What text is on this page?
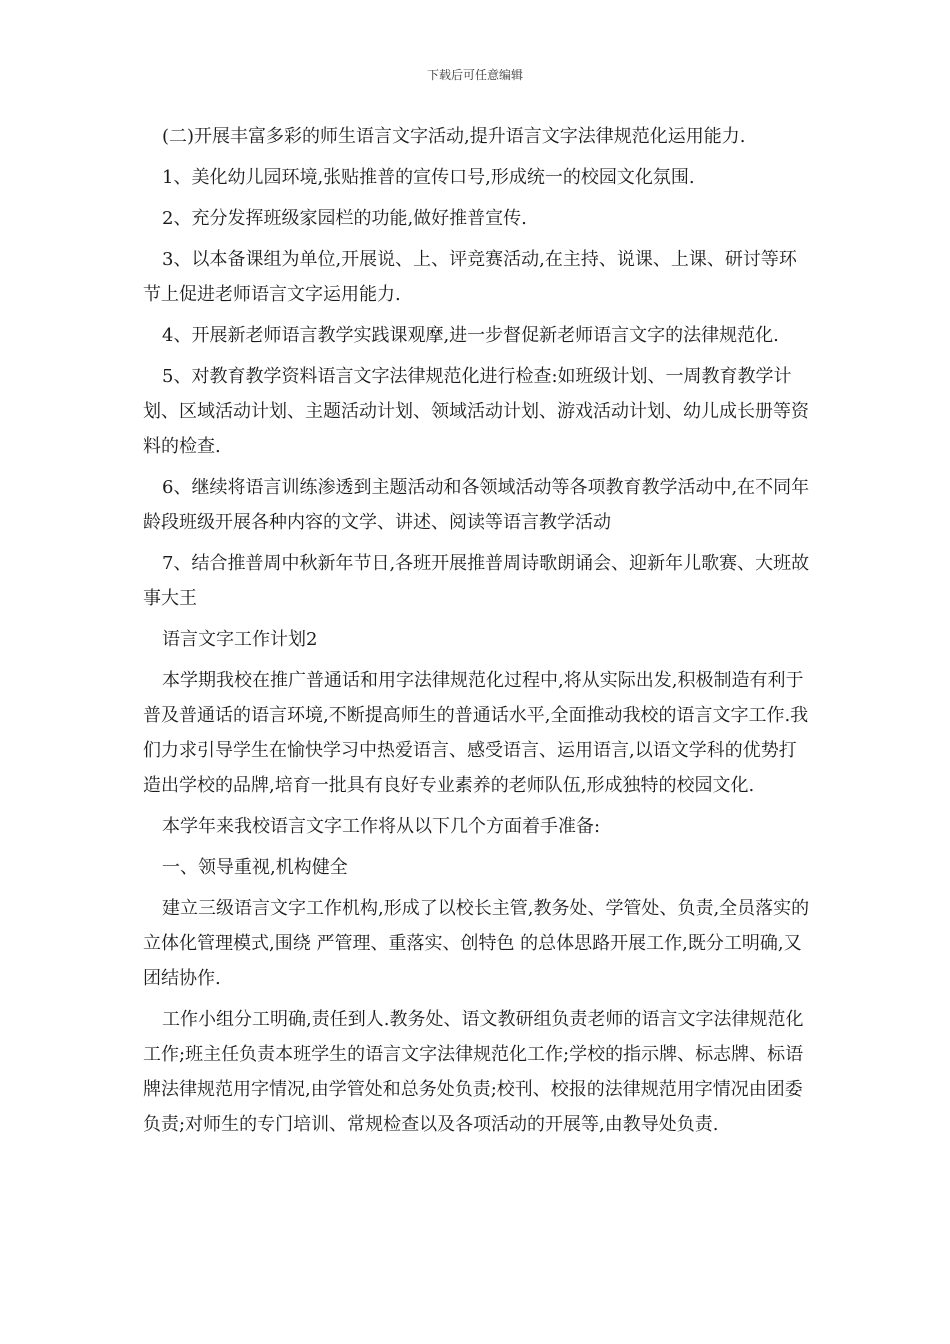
下载后可任意编辑

(二)开展丰富多彩的师生语言文字活动,提升语言文字法律规范化运用能力.

1、美化幼儿园环境,张贴推普的宣传口号,形成统一的校园文化氛围.

2、充分发挥班级家园栏的功能,做好推普宣传.

3、以本备课组为单位,开展说、上、评竞赛活动,在主持、说课、上课、研讨等环节上促进老师语言文字运用能力.

4、开展新老师语言教学实践课观摩,进一步督促新老师语言文字的法律规范化.

5、对教育教学资料语言文字法律规范化进行检查:如班级计划、一周教育教学计划、区域活动计划、主题活动计划、领域活动计划、游戏活动计划、幼儿成长册等资料的检查.

6、继续将语言训练渗透到主题活动和各领域活动等各项教育教学活动中,在不同年龄段班级开展各种内容的文学、讲述、阅读等语言教学活动

7、结合推普周中秋新年节日,各班开展推普周诗歌朗诵会、迎新年儿歌赛、大班故事大王

语言文字工作计划2

本学期我校在推广普通话和用字法律规范化过程中,将从实际出发,积极制造有利于普及普通话的语言环境,不断提高师生的普通话水平,全面推动我校的语言文字工作.我们力求引导学生在愉快学习中热爱语言、感受语言、运用语言,以语文学科的优势打造出学校的品牌,培育一批具有良好专业素养的老师队伍,形成独特的校园文化.

本学年来我校语言文字工作将从以下几个方面着手准备:

一、领导重视,机构健全

建立三级语言文字工作机构,形成了以校长主管,教务处、学管处、负责,全员落实的立体化管理模式,围绕 严管理、重落实、创特色 的总体思路开展工作,既分工明确,又团结协作.

工作小组分工明确,责任到人.教务处、语文教研组负责老师的语言文字法律规范化工作;班主任负责本班学生的语言文字法律规范化工作;学校的指示牌、标志牌、标语牌法律规范用字情况,由学管处和总务处负责;校刊、校报的法律规范用字情况由团委负责;对师生的专门培训、常规检查以及各项活动的开展等,由教导处负责.
